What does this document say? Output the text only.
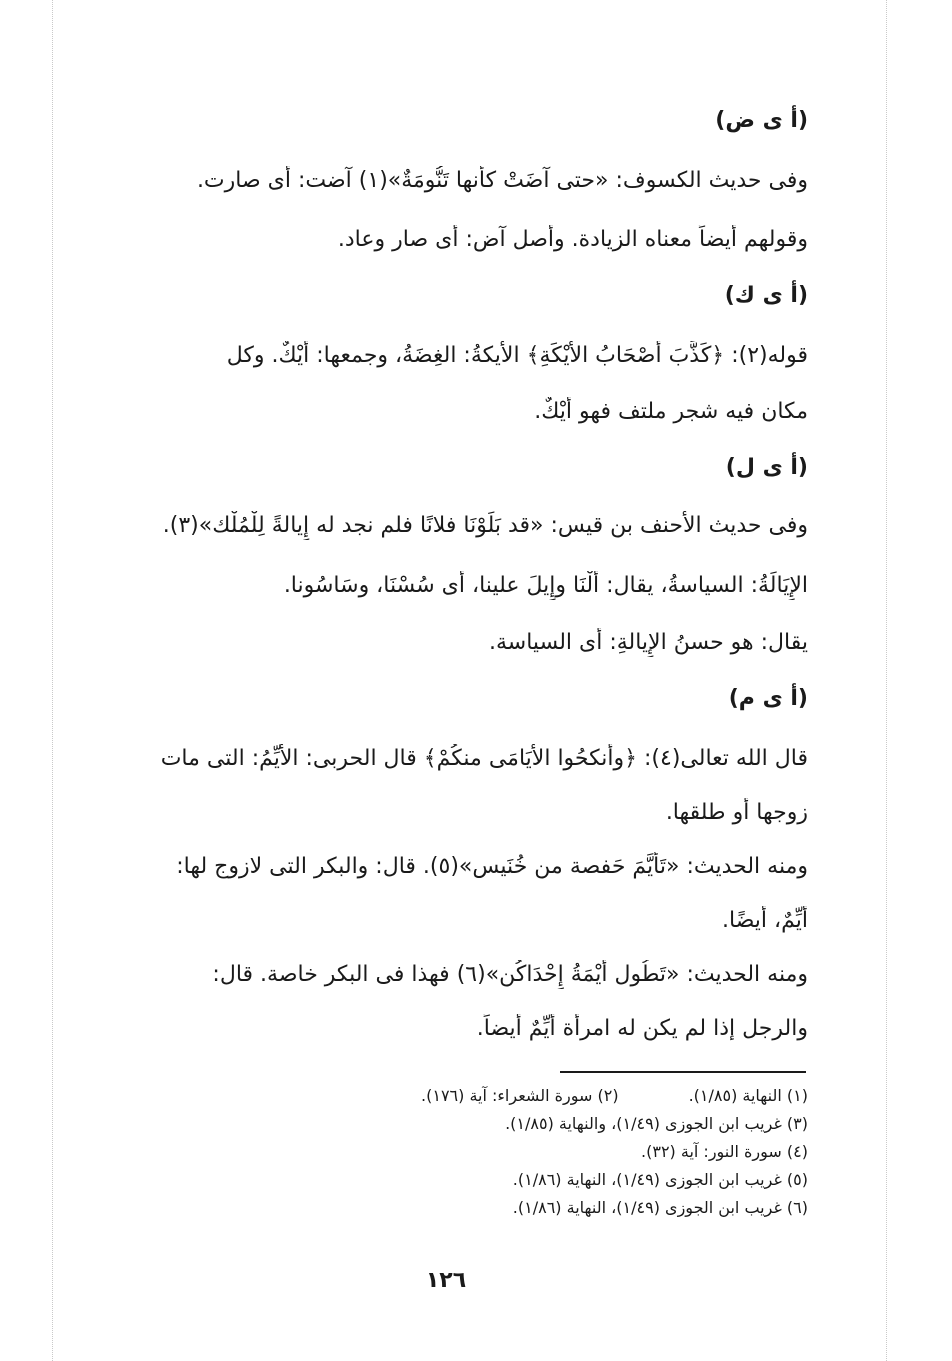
(أ ى ض)
وفى حديث الكسوف: «حتى آضَتْ كأنها تَنُّومَةٌ»(١) آضت: أى صارت.
وقولهم أيضاً معناه الزيادة. وأصل آض: أى صار وعاد.
(أ ى ك)
قوله(٢): ﴿كَذَّبَ أَصْحَابُ الأَيْكَةِ﴾ الأيكةُ: الغِضَةُ، وجمعها: أَيْكٌ. وكل
مكان فيه شجر ملتف فهو أَيْكٌ.
(أ ى ل)
وفى حديث الأحنف بن قيس: «قد بَلَوْنَا فلانًا فلم نجد له إِيالةً لِلْمُلْك»(٣).
الإِيَالَةُ: السياسةُ، يقال: أُلْنَا وإِيلَ علينا، أى سُسْنَا، وسَاسُونا.
يقال: هو حسنُ الإِيالةِ: أى السياسة.
(أ ى م)
قال الله تعالى(٤): ﴿وأَنكحُوا الأَيَامَى منكُمْ﴾ قال الحربى: الأَيِّمُ: التى مات
زوجها أو طلقها.
ومنه الحديث: «تَأَيَّمَ حَفصة من خُنَيس»(٥). قال: والبكر التى لازوج لها:
أَيِّمٌ، أيضًا.
ومنه الحديث: «تَطُول أَيْمَةُ إِحْدَاكُن»(٦) فهذا فى البكر خاصة. قال:
والرجل إذا لم يكن له امرأة أَيِّمٌ أيضاً.
(١) النهاية (١/٨٥).
(٢) سورة الشعراء: آية (١٧٦).
(٣) غريب ابن الجوزى (١/٤٩)، والنهاية (١/٨٥).
(٤) سورة النور: آية (٣٢).
(٥) غريب ابن الجوزى (١/٤٩)، النهاية (١/٨٦).
(٦) غريب ابن الجوزى (١/٤٩)، النهاية (١/٨٦).
١٢٦
